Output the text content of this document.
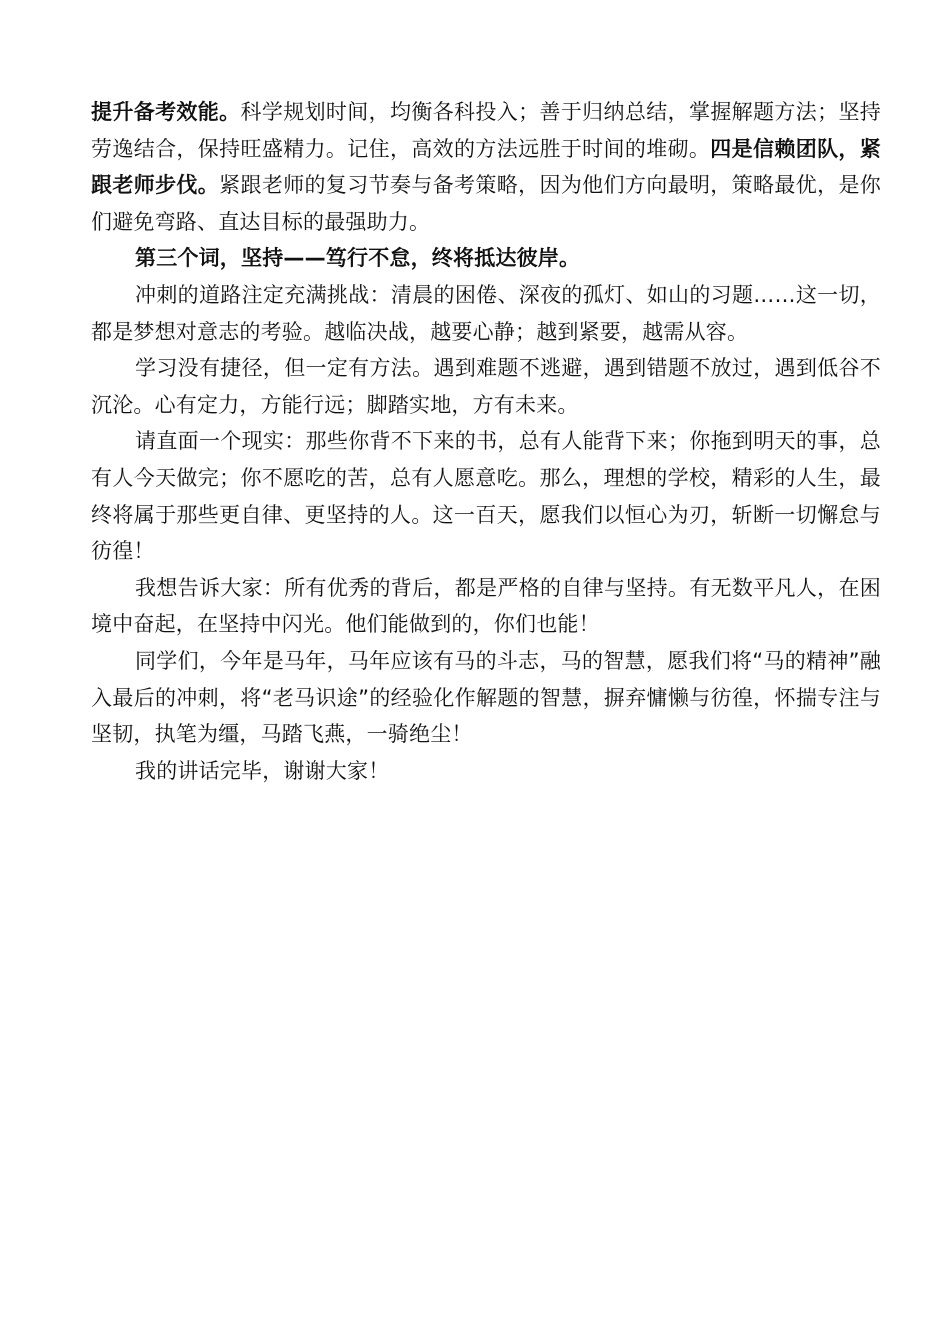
提升备考效能。科学规划时间，均衡各科投入；善于归纳总结，掌握解题方法；坚持劳逸结合，保持旺盛精力。记住，高效的方法远胜于时间的堆砌。四是信赖团队，紧跟老师步伐。紧跟老师的复习节奏与备考策略，因为他们方向最明，策略最优，是你们避免弯路、直达目标的最强助力。

第三个词，坚持——笃行不怠，终将抵达彼岸。

冲刺的道路注定充满挑战：清晨的困倦、深夜的孤灯、如山的习题……这一切，都是梦想对意志的考验。越临决战，越要心静；越到紧要，越需从容。

学习没有捷径，但一定有方法。遇到难题不逃避，遇到错题不放过，遇到低谷不沉沦。心有定力，方能行远；脚踏实地，方有未来。

请直面一个现实：那些你背不下来的书，总有人能背下来；你拖到明天的事，总有人今天做完；你不愿吃的苦，总有人愿意吃。那么，理想的学校，精彩的人生，最终将属于那些更自律、更坚持的人。这一百天，愿我们以恒心为刃，斩断一切懈怠与彷徨！

我想告诉大家：所有优秀的背后，都是严格的自律与坚持。有无数平凡人，在困境中奋起，在坚持中闪光。他们能做到的，你们也能！

同学们，今年是马年，马年应该有马的斗志，马的智慧，愿我们将“马的精神”融入最后的冲刺，将“老马识途”的经验化作解题的智慧，摒弃慵懒与彷徨，怀揣专注与坚韧，执笔为缰，马踏飞燕，一骑绝尘！

我的讲话完毕，谢谢大家！
